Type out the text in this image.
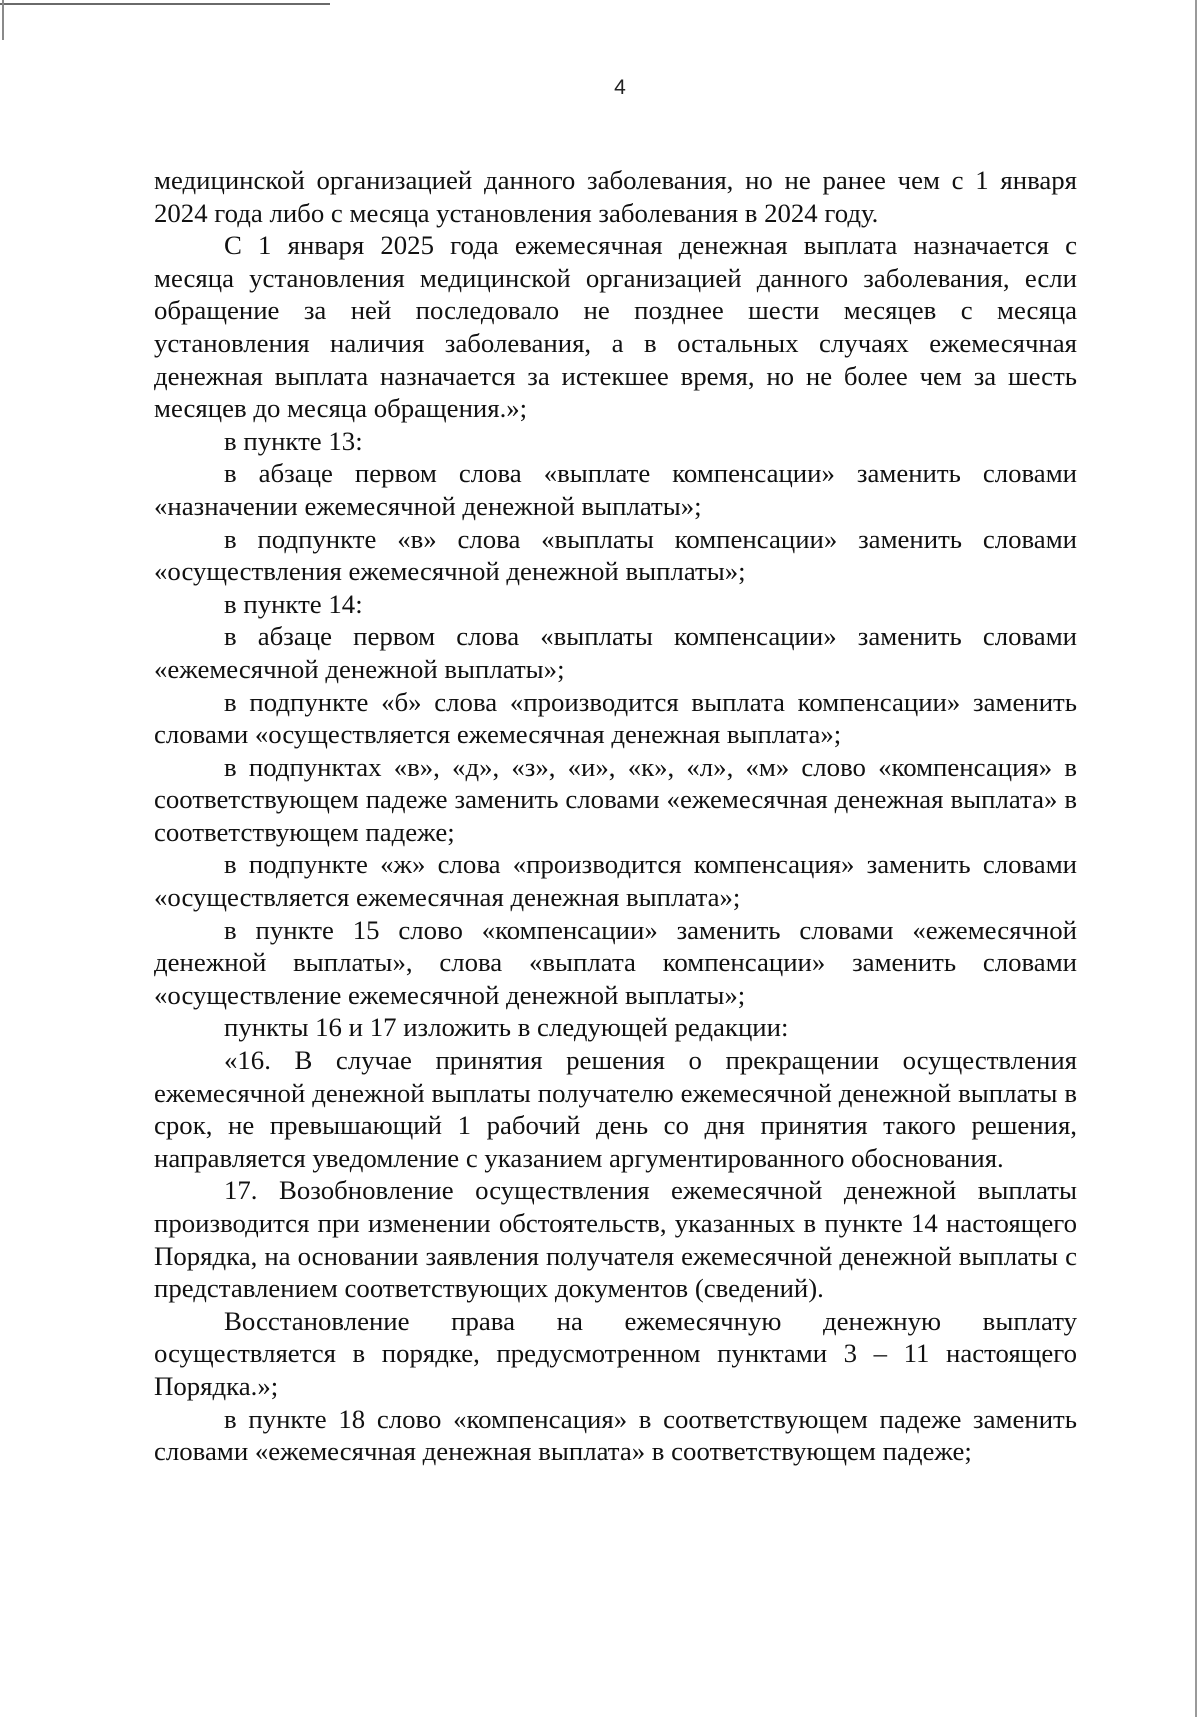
4

медицинской организацией данного заболевания, но не ранее чем с 1 января 2024 года либо с месяца установления заболевания в 2024 году.

С 1 января 2025 года ежемесячная денежная выплата назначается с месяца установления медицинской организацией данного заболевания, если обращение за ней последовало не позднее шести месяцев с месяца установления наличия заболевания, а в остальных случаях ежемесячная денежная выплата назначается за истекшее время, но не более чем за шесть месяцев до месяца обращения.»;

в пункте 13:

в абзаце первом слова «выплате компенсации» заменить словами «назначении ежемесячной денежной выплаты»;

в подпункте «в» слова «выплаты компенсации» заменить словами «осуществления ежемесячной денежной выплаты»;

в пункте 14:

в абзаце первом слова «выплаты компенсации» заменить словами «ежемесячной денежной выплаты»;

в подпункте «б» слова «производится выплата компенсации» заменить словами «осуществляется ежемесячная денежная выплата»;

в подпунктах «в», «д», «з», «и», «к», «л», «м» слово «компенсация» в соответствующем падеже заменить словами «ежемесячная денежная выплата» в соответствующем падеже;

в подпункте «ж» слова «производится компенсация» заменить словами «осуществляется ежемесячная денежная выплата»;

в пункте 15 слово «компенсации» заменить словами «ежемесячной денежной выплаты», слова «выплата компенсации» заменить словами «осуществление ежемесячной денежной выплаты»;

пункты 16 и 17 изложить в следующей редакции:

«16. В случае принятия решения о прекращении осуществления ежемесячной денежной выплаты получателю ежемесячной денежной выплаты в срок, не превышающий 1 рабочий день со дня принятия такого решения, направляется уведомление с указанием аргументированного обоснования.

17. Возобновление осуществления ежемесячной денежной выплаты производится при изменении обстоятельств, указанных в пункте 14 настоящего Порядка, на основании заявления получателя ежемесячной денежной выплаты с представлением соответствующих документов (сведений).

Восстановление права на ежемесячную денежную выплату осуществляется в порядке, предусмотренном пунктами 3 – 11 настоящего Порядка.»;

в пункте 18 слово «компенсация» в соответствующем падеже заменить словами «ежемесячная денежная выплата» в соответствующем падеже;
